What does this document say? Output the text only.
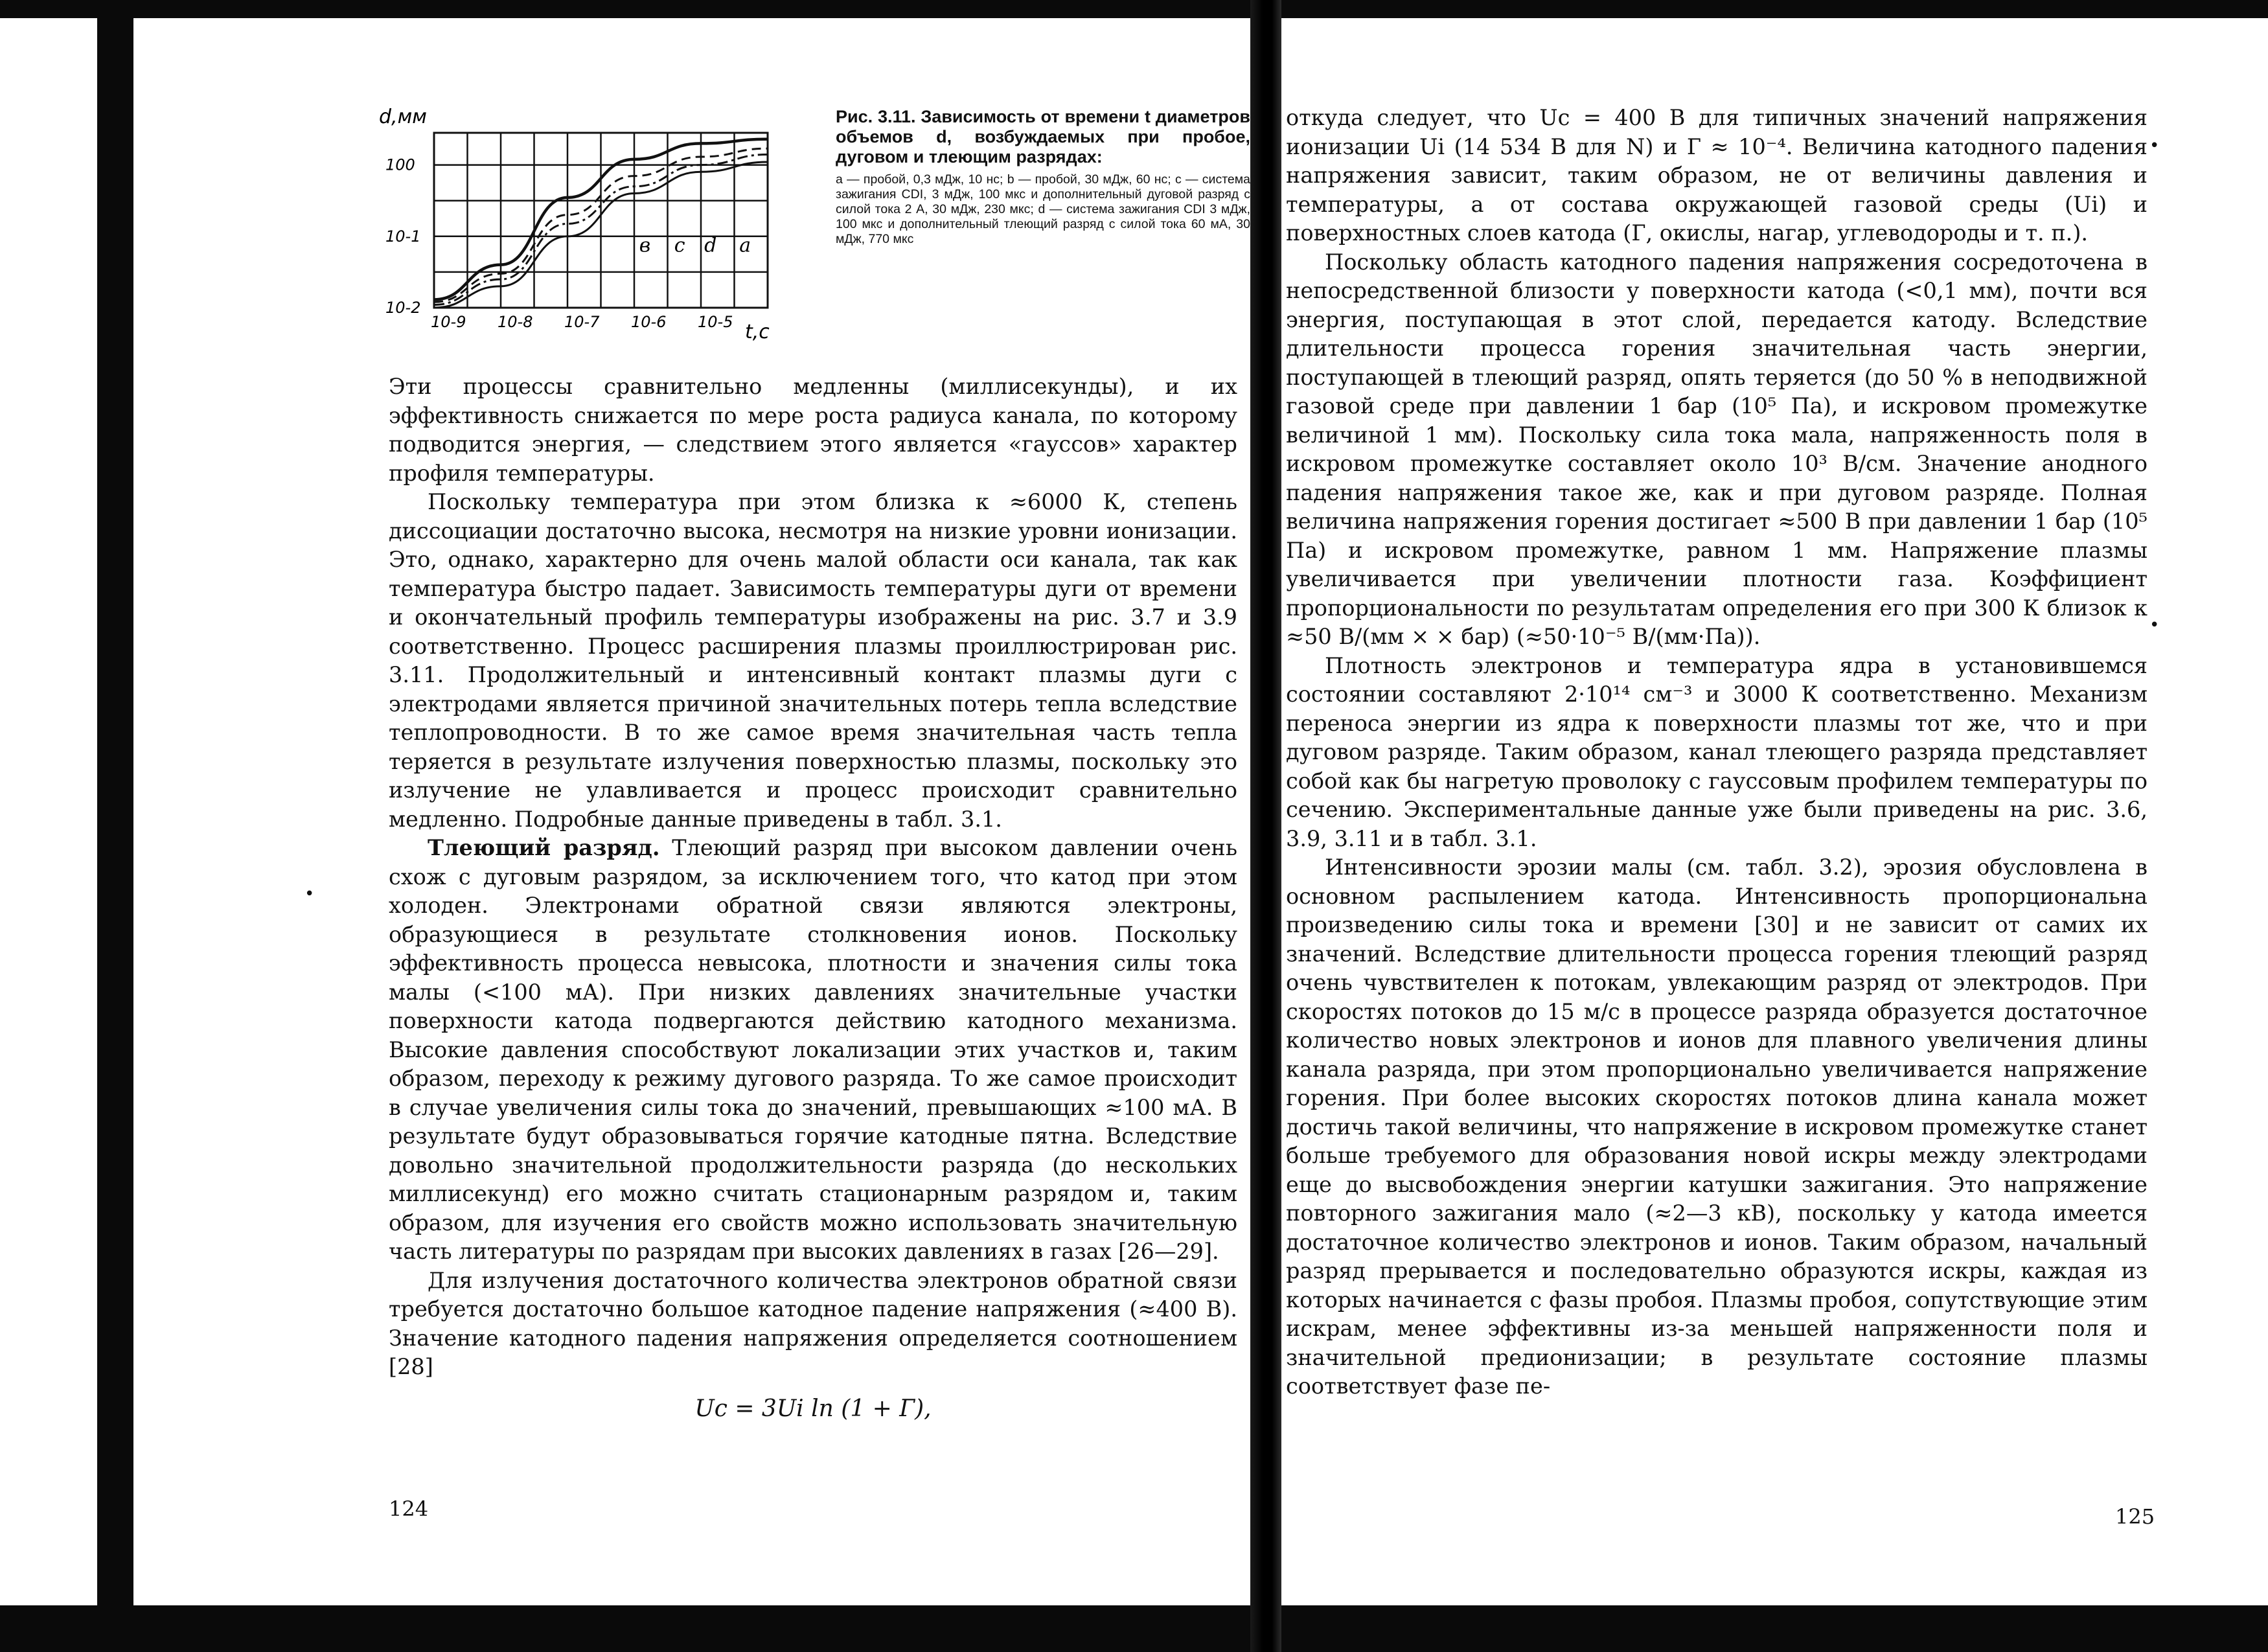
d,мм
t,c
10-9 10-8 10-7 10-6 10-5
10-2
10-1
100
в c d a

Рис. 3.11. Зависимость от времени t диаметров объемов d, возбуждаемых при пробое, дуговом и тлеющим разрядах:

а — пробой, 0,3 мДж, 10 нс; b — пробой, 30 мДж, 60 нс; с — система зажигания CDI, 3 мДж, 100 мкс и дополнительный дуговой разряд с силой тока 2 А, 30 мДж, 230 мкс; d — система зажигания CDI 3 мДж, 100 мкс и дополнительный тлеющий разряд с силой тока 60 мА, 30 мДж, 770 мкс

Эти процессы сравнительно медленны (миллисекунды), и их эффективность снижается по мере роста радиуса канала, по которому подводится энергия, — следствием этого является «гауссов» характер профиля температуры.

Поскольку температура при этом близка к ≈6000 К, степень диссоциации достаточно высока, несмотря на низкие уровни ионизации. Это, однако, характерно для очень малой области оси канала, так как температура быстро падает. Зависимость температуры дуги от времени и окончательный профиль температуры изображены на рис. 3.7 и 3.9 соответственно. Процесс расширения плазмы проиллюстрирован рис. 3.11. Продолжительный и интенсивный контакт плазмы дуги с электродами является причиной значительных потерь тепла вследствие теплопроводности. В то же самое время значительная часть тепла теряется в результате излучения поверхностью плазмы, поскольку это излучение не улавливается и процесс происходит сравнительно медленно. Подробные данные приведены в табл. 3.1.

Тлеющий разряд. Тлеющий разряд при высоком давлении очень схож с дуговым разрядом, за исключением того, что катод при этом холоден. Электронами обратной связи являются электроны, образующиеся в результате столкновения ионов. Поскольку эффективность процесса невысока, плотности и значения силы тока малы (<100 мА). При низких давлениях значительные участки поверхности катода подвергаются действию катодного механизма. Высокие давления способствуют локализации этих участков и, таким образом, переходу к режиму дугового разряда. То же самое происходит в случае увеличения силы тока до значений, превышающих ≈100 мА. В результате будут образовываться горячие катодные пятна. Вследствие довольно значительной продолжительности разряда (до нескольких миллисекунд) его можно считать стационарным разрядом и, таким образом, для изучения его свойств можно использовать значительную часть литературы по разрядам при высоких давлениях в газах [26—29].

Для излучения достаточного количества электронов обратной связи требуется достаточно большое катодное падение напряжения (≈400 В). Значение катодного падения напряжения определяется соотношением [28]

Uc = 3Ui ln (1 + Г),

124

откуда следует, что Uc = 400 В для типичных значений напряжения ионизации Ui (14 534 В для N) и Г ≈ 10⁻⁴. Величина катодного падения напряжения зависит, таким образом, не от величины давления и температуры, а от состава окружающей газовой среды (Ui) и поверхностных слоев катода (Г, окислы, нагар, углеводороды и т. п.).

Поскольку область катодного падения напряжения сосредоточена в непосредственной близости у поверхности катода (<0,1 мм), почти вся энергия, поступающая в этот слой, передается катоду. Вследствие длительности процесса горения значительная часть энергии, поступающей в тлеющий разряд, опять теряется (до 50 % в неподвижной газовой среде при давлении 1 бар (10⁵ Па), и искровом промежутке величиной 1 мм). Поскольку сила тока мала, напряженность поля в искровом промежутке составляет около 10³ В/см. Значение анодного падения напряжения такое же, как и при дуговом разряде. Полная величина напряжения горения достигает ≈500 В при давлении 1 бар (10⁵ Па) и искровом промежутке, равном 1 мм. Напряжение плазмы увеличивается при увеличении плотности газа. Коэффициент пропорциональности по результатам определения его при 300 К близок к ≈50 В/(мм × × бар) (≈50·10⁻⁵ В/(мм·Па)).

Плотность электронов и температура ядра в установившемся состоянии составляют 2·10¹⁴ см⁻³ и 3000 К соответственно. Механизм переноса энергии из ядра к поверхности плазмы тот же, что и при дуговом разряде. Таким образом, канал тлеющего разряда представляет собой как бы нагретую проволоку с гауссовым профилем температуры по сечению. Экспериментальные данные уже были приведены на рис. 3.6, 3.9, 3.11 и в табл. 3.1.

Интенсивности эрозии малы (см. табл. 3.2), эрозия обусловлена в основном распылением катода. Интенсивность пропорциональна произведению силы тока и времени [30] и не зависит от самих их значений. Вследствие длительности процесса горения тлеющий разряд очень чувствителен к потокам, увлекающим разряд от электродов. При скоростях потоков до 15 м/с в процессе разряда образуется достаточное количество новых электронов и ионов для плавного увеличения длины канала разряда, при этом пропорционально увеличивается напряжение горения. При более высоких скоростях потоков длина канала может достичь такой величины, что напряжение в искровом промежутке станет больше требуемого для образования новой искры между электродами еще до высвобождения энергии катушки зажигания. Это напряжение повторного зажигания мало (≈2—3 кВ), поскольку у катода имеется достаточное количество электронов и ионов. Таким образом, начальный разряд прерывается и последовательно образуются искры, каждая из которых начинается с фазы пробоя. Плазмы пробоя, сопутствующие этим искрам, менее эффективны из-за меньшей напряженности поля и значительной предионизации; в результате состояние плазмы соответствует фазе пе-

125
•
•
•
